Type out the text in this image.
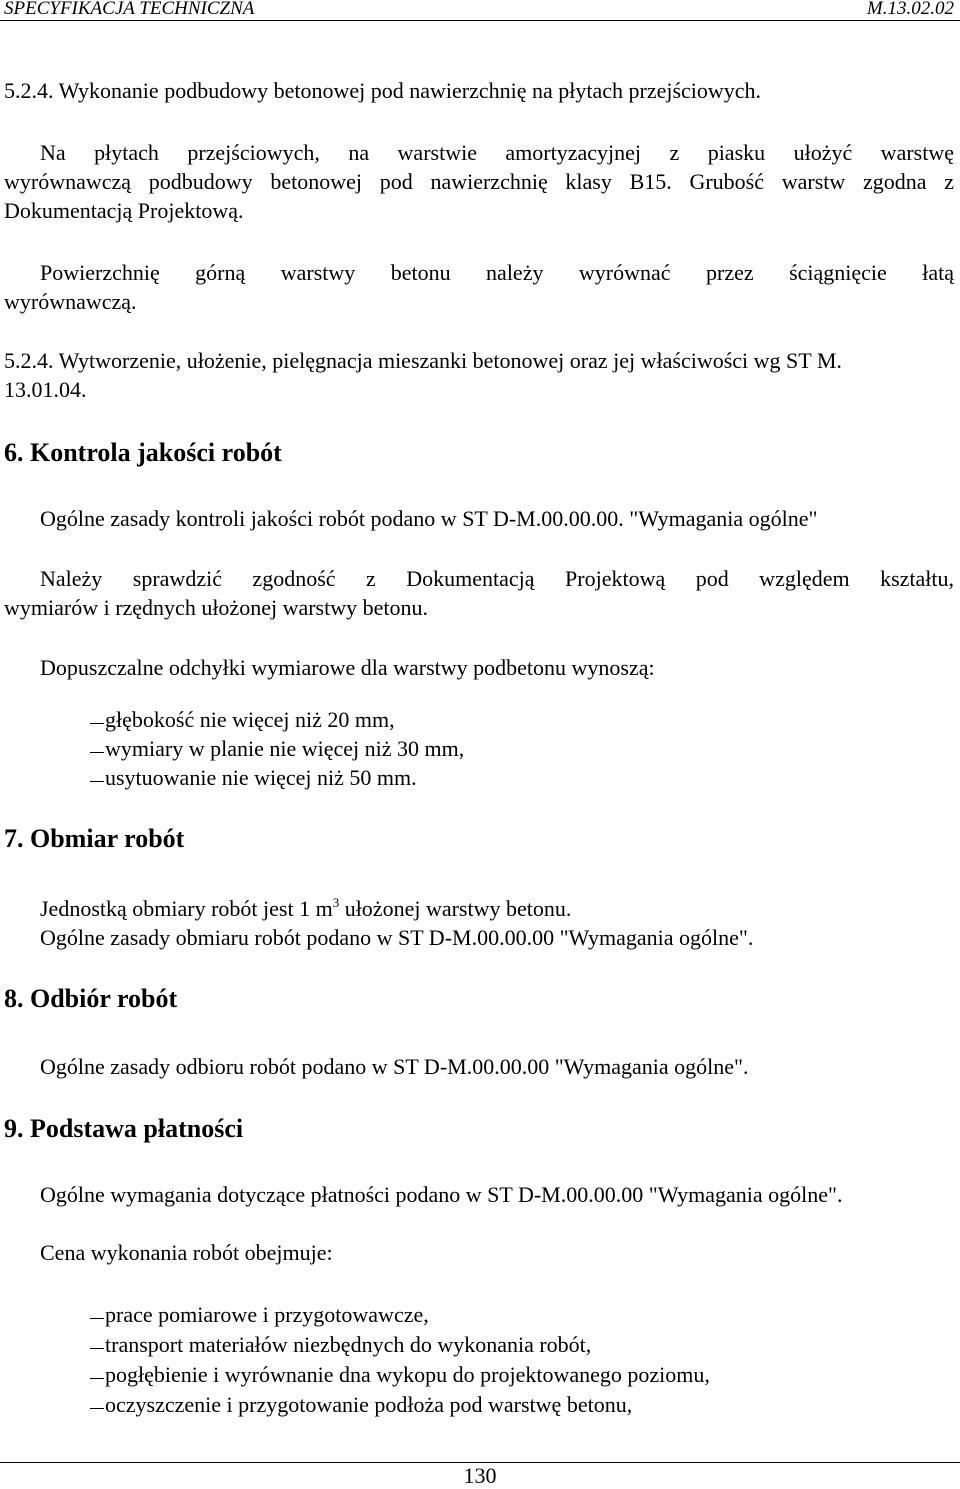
SPECYFIKACJA TECHNICZNA	M.13.02.02
5.2.4. Wykonanie podbudowy betonowej pod nawierzchnię na płytach przejściowych.
Na płytach przejściowych, na warstwie amortyzacyjnej z piasku ułożyć warstwę
wyrównawczą podbudowy betonowej pod nawierzchnię klasy B15. Grubość warstw zgodna z
Dokumentacją Projektową.
Powierzchnię górną warstwy betonu należy wyrównać przez ściągnięcie łatą
wyrównawczą.
5.2.4. Wytworzenie, ułożenie, pielęgnacja mieszanki betonowej oraz jej właściwości wg ST M.
13.01.04.
6. Kontrola jakości robót
Ogólne zasady kontroli jakości robót podano w ST D-M.00.00.00. "Wymagania ogólne"
Należy sprawdzić zgodność z Dokumentacją Projektową pod względem kształtu,
wymiarów i rzędnych ułożonej warstwy betonu.
Dopuszczalne odchyłki wymiarowe dla warstwy podbetonu wynoszą:
głębokość nie więcej niż 20 mm,
wymiary w planie nie więcej niż 30 mm,
usytuowanie nie więcej niż 50 mm.
7. Obmiar robót
Jednostką obmiary robót jest 1 $m^3$ ułożonej warstwy betonu.
Ogólne zasady obmiaru robót podano w ST D-M.00.00.00 "Wymagania ogólne".
8. Odbiór robót
Ogólne zasady odbioru robót podano w ST D-M.00.00.00 "Wymagania ogólne".
9. Podstawa płatności
Ogólne wymagania dotyczące płatności podano w ST D-M.00.00.00 "Wymagania ogólne".
Cena wykonania robót obejmuje:
prace pomiarowe i przygotowawcze,
transport materiałów niezbędnych do wykonania robót,
pogłębienie i wyrównanie dna wykopu do projektowanego poziomu,
oczyszczenie i przygotowanie podłoża pod warstwę betonu,
130
